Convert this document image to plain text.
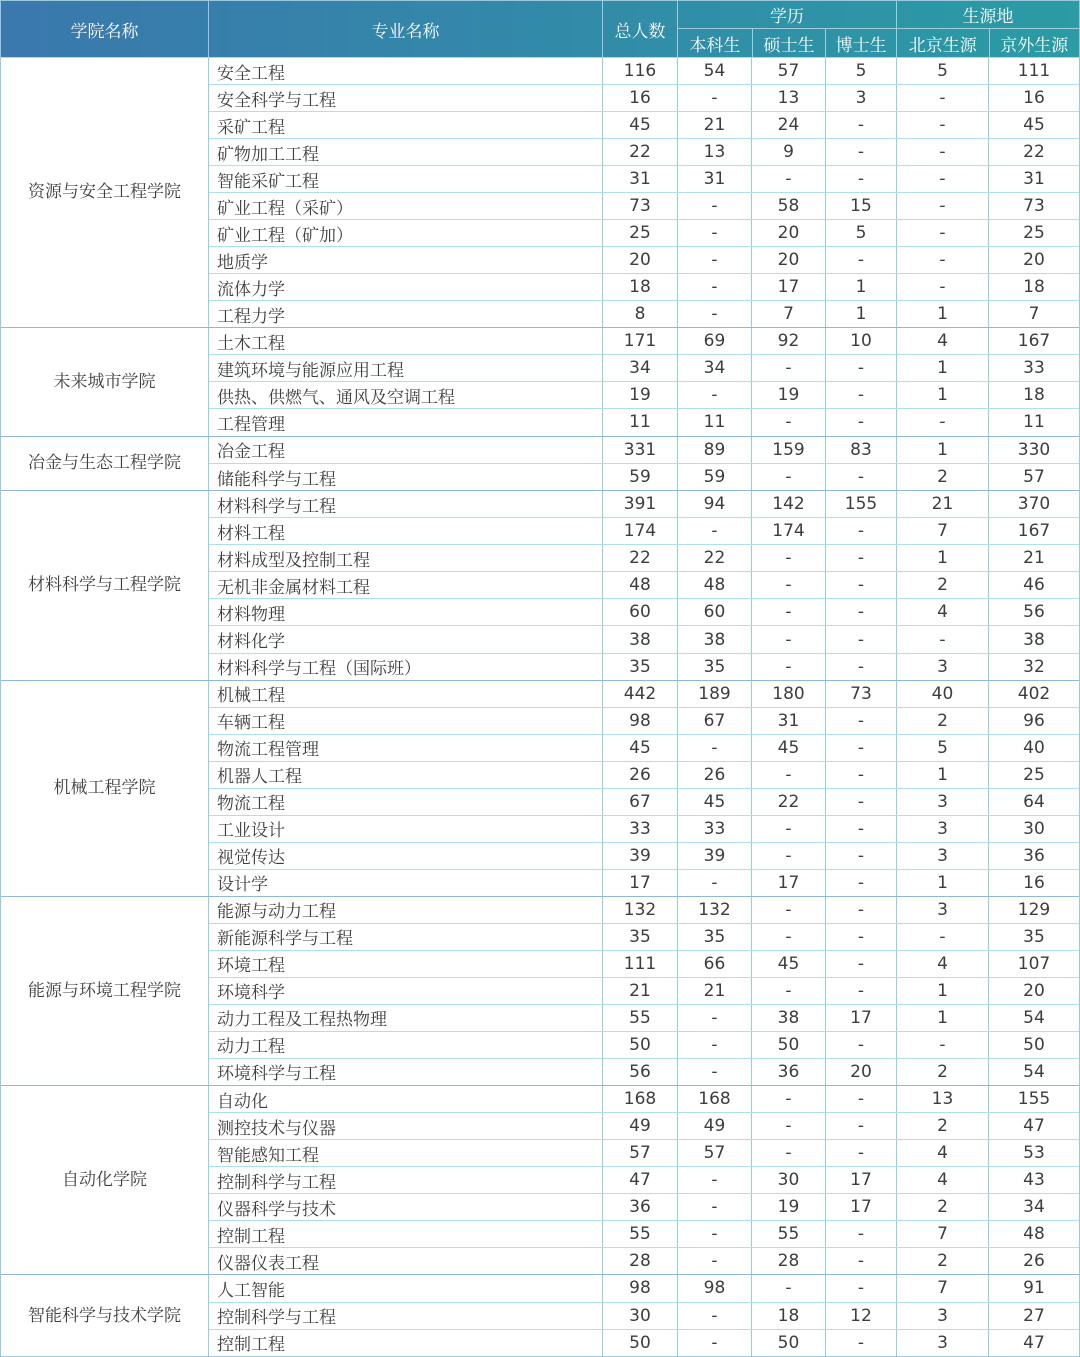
学院名称	专业名称	总人数
学历
本科生	硕士生	博士生
生源地
北京生源	京外生源
资源与安全工程学院
安全工程	116	54	57	5	5	111
安全科学与工程	16	-	13	3	-	16
采矿工程	45	21	24	-	-	45
矿物加工工程	22	13	9	-	-	22
智能采矿工程	31	31	-	-	-	31
矿业工程（采矿）	73	-	58	15	-	73
矿业工程（矿加）	25	-	20	5	-	25
地质学	20	-	20	-	-	20
流体力学	18	-	17	1	-	18
工程力学	8	-	7	1	1	7
未来城市学院
土木工程	171	69	92	10	4	167
建筑环境与能源应用工程	34	34	-	-	1	33
供热、供燃气、通风及空调工程	19	-	19	-	1	18
工程管理	11	11	-	-	-	11
冶金与生态工程学院
冶金工程	331	89	159	83	1	330
储能科学与工程	59	59	-	-	2	57
材料科学与工程学院
材料科学与工程	391	94	142	155	21	370
材料工程	174	-	174	-	7	167
材料成型及控制工程	22	22	-	-	1	21
无机非金属材料工程	48	48	-	-	2	46
材料物理	60	60	-	-	4	56
材料化学	38	38	-	-	-	38
材料科学与工程（国际班）	35	35	-	-	3	32
机械工程学院
机械工程	442	189	180	73	40	402
车辆工程	98	67	31	-	2	96
物流工程管理	45	-	45	-	5	40
机器人工程	26	26	-	-	1	25
物流工程	67	45	22	-	3	64
工业设计	33	33	-	-	3	30
视觉传达	39	39	-	-	3	36
设计学	17	-	17	-	1	16
能源与环境工程学院
能源与动力工程	132	132	-	-	3	129
新能源科学与工程	35	35	-	-	-	35
环境工程	111	66	45	-	4	107
环境科学	21	21	-	-	1	20
动力工程及工程热物理	55	-	38	17	1	54
动力工程	50	-	50	-	-	50
环境科学与工程	56	-	36	20	2	54
自动化学院
自动化	168	168	-	-	13	155
测控技术与仪器	49	49	-	-	2	47
智能感知工程	57	57	-	-	4	53
控制科学与工程	47	-	30	17	4	43
仪器科学与技术	36	-	19	17	2	34
控制工程	55	-	55	-	7	48
仪器仪表工程	28	-	28	-	2	26
智能科学与技术学院
人工智能	98	98	-	-	7	91
控制科学与工程	30	-	18	12	3	27
控制工程	50	-	50	-	3	47
